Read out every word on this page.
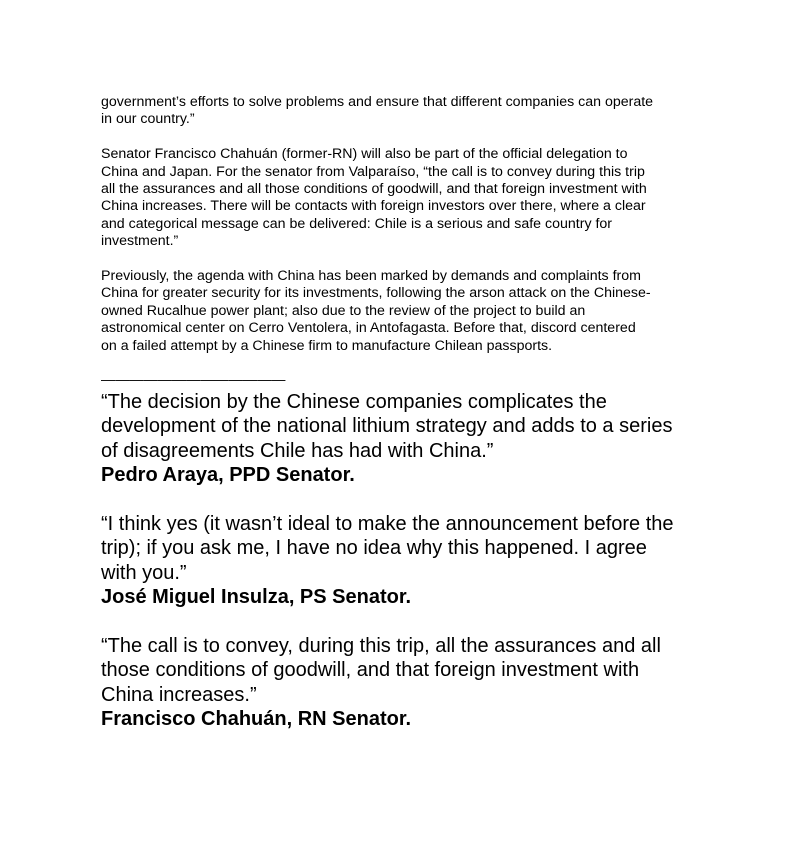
government’s efforts to solve problems and ensure that different companies can operate
in our country.”

Senator Francisco Chahuán (former-RN) will also be part of the official delegation to
China and Japan. For the senator from Valparaíso, “the call is to convey during this trip
all the assurances and all those conditions of goodwill, and that foreign investment with
China increases. There will be contacts with foreign investors over there, where a clear
and categorical message can be delivered: Chile is a serious and safe country for
investment.”

Previously, the agenda with China has been marked by demands and complaints from
China for greater security for its investments, following the arson attack on the Chinese-
owned Rucalhue power plant; also due to the review of the project to build an
astronomical center on Cerro Ventolera, in Antofagasta. Before that, discord centered
on a failed attempt by a Chinese firm to manufacture Chilean passports.

—————————————

“The decision by the Chinese companies complicates the
development of the national lithium strategy and adds to a series
of disagreements Chile has had with China.”

Pedro Araya, PPD Senator.

“I think yes (it wasn’t ideal to make the announcement before the
trip); if you ask me, I have no idea why this happened. I agree
with you.”

José Miguel Insulza, PS Senator.

“The call is to convey, during this trip, all the assurances and all
those conditions of goodwill, and that foreign investment with
China increases.”

Francisco Chahuán, RN Senator.
